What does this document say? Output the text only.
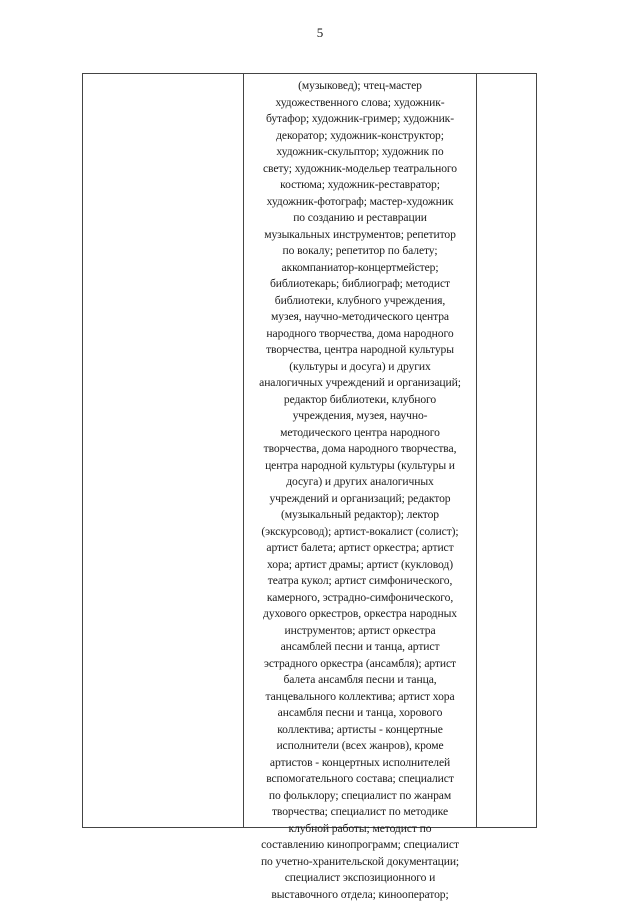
5
(музыковед); чтец-мастер
художественного слова; художник-
бутафор; художник-гример; художник-
декоратор; художник-конструктор;
художник-скульптор; художник по
свету; художник-модельер театрального
костюма; художник-реставратор;
художник-фотограф; мастер-художник
по созданию и реставрации
музыкальных инструментов; репетитор
по вокалу; репетитор по балету;
аккомпаниатор-концертмейстер;
библиотекарь; библиограф; методист
библиотеки, клубного учреждения,
музея, научно-методического центра
народного творчества, дома народного
творчества, центра народной культуры
(культуры и досуга) и других
аналогичных учреждений и организаций;
редактор библиотеки, клубного
учреждения, музея, научно-
методического центра народного
творчества, дома народного творчества,
центра народной культуры (культуры и
досуга) и других аналогичных
учреждений и организаций; редактор
(музыкальный редактор); лектор
(экскурсовод); артист-вокалист (солист);
артист балета; артист оркестра; артист
хора; артист драмы; артист (кукловод)
театра кукол; артист симфонического,
камерного, эстрадно-симфонического,
духового оркестров, оркестра народных
инструментов; артист оркестра
ансамблей песни и танца, артист
эстрадного оркестра (ансамбля); артист
балета ансамбля песни и танца,
танцевального коллектива; артист хора
ансамбля песни и танца, хорового
коллектива; артисты - концертные
исполнители (всех жанров), кроме
артистов - концертных исполнителей
вспомогательного состава; специалист
по фольклору; специалист по жанрам
творчества; специалист по методике
клубной работы; методист по
составлению кинопрограмм; специалист
по учетно-хранительской документации;
специалист экспозиционного и
выставочного отдела; кинооператор;
